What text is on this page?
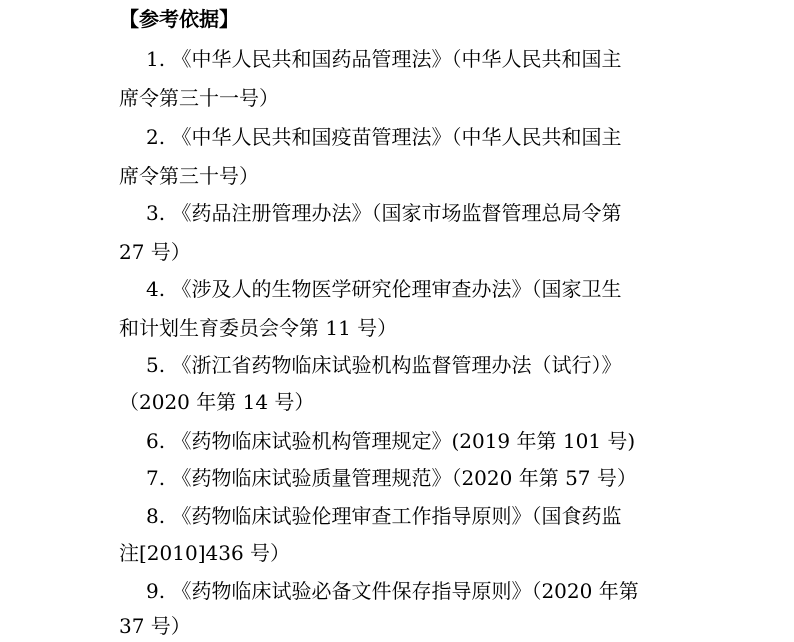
【参考依据】
1. 《中华人民共和国药品管理法》（中华人民共和国主
席令第三十一号）
2. 《中华人民共和国疫苗管理法》（中华人民共和国主
席令第三十号）
3. 《药品注册管理办法》（国家市场监督管理总局令第
27 号）
4. 《涉及人的生物医学研究伦理审查办法》（国家卫生
和计划生育委员会令第 11 号）
5. 《浙江省药物临床试验机构监督管理办法（试行）》
（2020 年第 14 号）
6. 《药物临床试验机构管理规定》(2019 年第 101 号)
7. 《药物临床试验质量管理规范》（2020 年第 57 号）
8. 《药物临床试验伦理审查工作指导原则》（国食药监
注[2010]436 号）
9. 《药物临床试验必备文件保存指导原则》（2020 年第
37 号）
